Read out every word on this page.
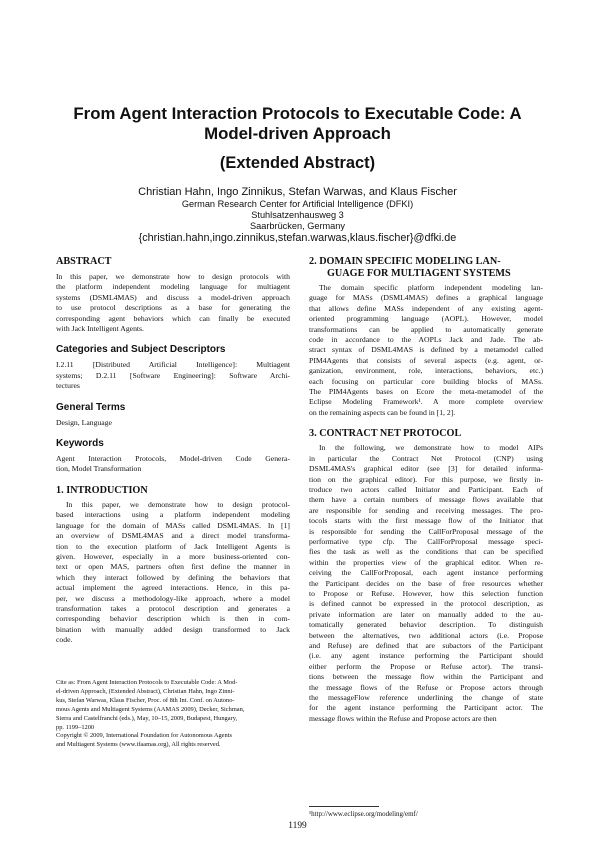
From Agent Interaction Protocols to Executable Code: A
Model-driven Approach
(Extended Abstract)
Christian Hahn, Ingo Zinnikus, Stefan Warwas, and Klaus Fischer
German Research Center for Artificial Intelligence (DFKI)
Stuhlsatzenhausweg 3
Saarbrücken, Germany
{christian.hahn,ingo.zinnikus,stefan.warwas,klaus.fischer}@dfki.de
ABSTRACT
In this paper, we demonstrate how to design protocols with
the platform independent modeling language for multiagent
systems (DSML4MAS) and discuss a model-driven approach
to use protocol descriptions as a base for generating the
corresponding agent behaviors which can finally be executed
with Jack Intelligent Agents.
Categories and Subject Descriptors
I.2.11 [Distributed Artificial Intelligence]: Multiagent
systems; D.2.11 [Software Engineering]: Software Archi-
tectures
General Terms
Design, Language
Keywords
Agent Interaction Protocols, Model-driven Code Genera-
tion, Model Transformation
1. INTRODUCTION
In this paper, we demonstrate how to design protocol-
based interactions using a platform independent modeling
language for the domain of MASs called DSML4MAS. In [1]
an overview of DSML4MAS and a direct model transforma-
tion to the execution platform of Jack Intelligent Agents is
given. However, especially in a more business-oriented con-
text or open MAS, partners often first define the manner in
which they interact followed by defining the behaviors that
actual implement the agreed interactions. Hence, in this pa-
per, we discuss a methodology-like approach, where a model
transformation takes a protocol description and generates a
corresponding behavior description which is then in com-
bination with manually added design transformed to Jack
code.
Cite as: From Agent Interaction Protocols to Executable Code: A Mod-
el-driven Approach, (Extended Abstract), Christian Hahn, Ingo Zinni-
kus, Stefan Warwas, Klaus Fischer, Proc. of 8th Int. Conf. on Autono-
mous Agents and Multiagent Systems (AAMAS 2009), Decker, Sichman,
Sierra and Castelfranchi (eds.), May, 10–15, 2009, Budapest, Hungary,
pp. 1199–1200
Copyright © 2009, International Foundation for Autonomous Agents
and Multiagent Systems (www.ifaamas.org), All rights reserved.
2. DOMAIN SPECIFIC MODELING LAN-
GUAGE FOR MULTIAGENT SYSTEMS
The domain specific platform independent modeling lan-
guage for MASs (DSML4MAS) defines a graphical language
that allows define MASs independent of any existing agent-
oriented programming language (AOPL). However, model
transformations can be applied to automatically generate
code in accordance to the AOPLs Jack and Jade. The ab-
stract syntax of DSML4MAS is defined by a metamodel called
PIM4Agents that consists of several aspects (e.g. agent, or-
ganization, environment, role, interactions, behaviors, etc.)
each focusing on particular core building blocks of MASs.
The PIM4Agents bases on Ecore the meta-metamodel of the
Eclipse Modeling Framework¹. A more complete overview
on the remaining aspects can be found in [1, 2].
3. CONTRACT NET PROTOCOL
In the following, we demonstrate how to model AIPs
in particular the Contract Net Protocol (CNP) using
DSML4MAS's graphical editor (see [3] for detailed informa-
tion on the graphical editor). For this purpose, we firstly in-
troduce two actors called Initiator and Participant. Each of
them have a certain numbers of message flows available that
are responsible for sending and receiving messages. The pro-
tocols starts with the first message flow of the Initiator that
is responsible for sending the CallForProposal message of the
performative type cfp. The CallForProposal message speci-
fies the task as well as the conditions that can be specified
within the properties view of the graphical editor. When re-
ceiving the CallForProposal, each agent instance performing
the Participant decides on the base of free resources whether
to Propose or Refuse. However, how this selection function
is defined cannot be expressed in the protocol description, as
private information are later on manually added to the au-
tomatically generated behavior description. To distinguish
between the alternatives, two additional actors (i.e. Propose
and Refuse) are defined that are subactors of the Participant
(i.e. any agent instance performing the Participant should
either perform the Propose or Refuse actor). The transi-
tions between the message flow within the Participant and
the message flows of the Refuse or Propose actors through
the messageFlow reference underlining the change of state
for the agent instance performing the Participant actor. The
message flows within the Refuse and Propose actors are then
¹http://www.eclipse.org/modeling/emf/
1199
